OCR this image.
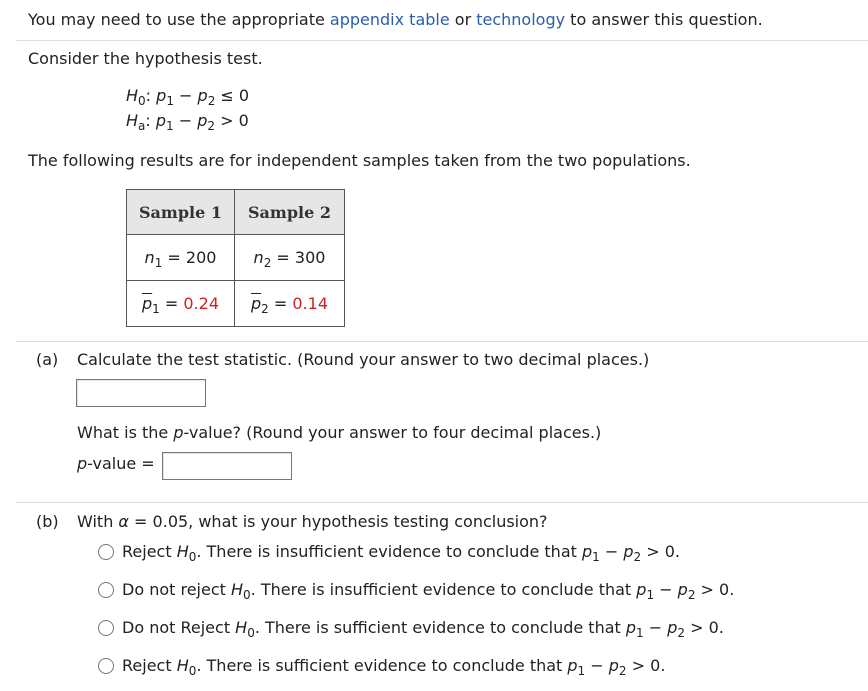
You may need to use the appropriate appendix table or technology to answer this question.
Consider the hypothesis test.
$H_0$: $p_1 - p_2 \le 0$
$H_a$: $p_1 - p_2 > 0$
The following results are for independent samples taken from the two populations.
Sample 1	Sample 2
$n_1 = 200$	$n_2 = 300$
$\overline{p}_1 = 0.24$	$\overline{p}_2 = 0.14$
(a) Calculate the test statistic. (Round your answer to two decimal places.)
What is the p-value? (Round your answer to four decimal places.)
p-value =
(b) With α = 0.05, what is your hypothesis testing conclusion?
Reject $H_0$. There is insufficient evidence to conclude that $p_1 - p_2 > 0$.
Do not reject $H_0$. There is insufficient evidence to conclude that $p_1 - p_2 > 0$.
Do not Reject $H_0$. There is sufficient evidence to conclude that $p_1 - p_2 > 0$.
Reject $H_0$. There is sufficient evidence to conclude that $p_1 - p_2 > 0$.
